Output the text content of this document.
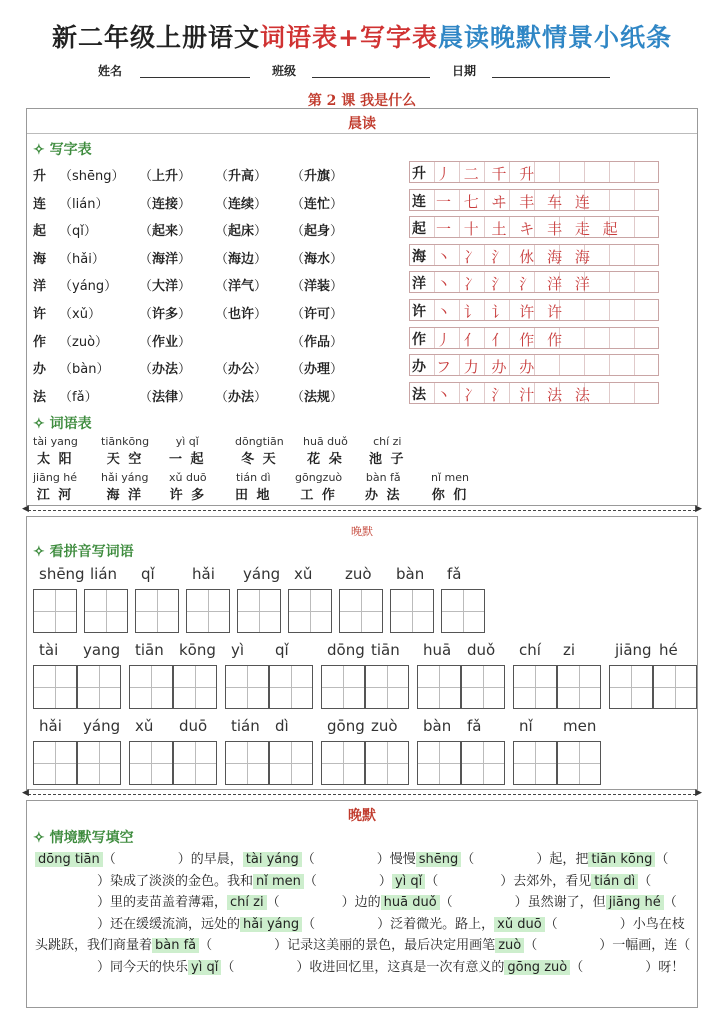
新二年级上册语文词语表+写字表晨读晚默情景小纸条
姓名	班级	日期
第 2 课 我是什么
晨读
✧ 写字表
升 （shēng） （上升） （升高） （升旗）	升 丿 二 千 升
连 （lián） （连接） （连续） （连忙）	连 一 七 ヰ 丰 车 连
起 （qǐ）	（起来） （起床） （起身）	起 一 十 土 キ 丰 走 起
海 （hǎi）	（海洋） （海边） （海水）	海 丶 冫 氵 㲻 海 海
洋 （yáng） （大洋） （洋气） （洋装）	洋 丶 冫 氵 氵 洋 洋
许 （xǔ）	（许多） （也许） （许可）	许 丶 讠 讠 许 许
作 （zuò） （作业）	（作品）	作 丿 亻 亻 作 作
办 （bàn） （办法） （办公） （办理）	办 フ 力 办 办
法 （fǎ）	（法律） （办法） （法规）	法 丶 冫 氵 汁 法 法
✧ 词语表
tài yang
太 阳
tiānkōng
天 空
yì qǐ
一 起
dōngtiān
冬 天
huā duǒ
花 朵
chí zi
池 子
jiāng hé
江 河
hǎi yáng
海 洋
xǔ duō
许 多
tián dì
田 地
gōngzuò
工 作
bàn fǎ
办 法
nǐ men
你 们
◀	▶
晚默
✧ 看拼音写词语
shēng lián qǐ hǎi yáng xǔ zuò bàn fǎ
tài yang tiān kōng yì qǐ	dōng tiān huā duǒ chí zi	jiāng hé
hǎi yáng xǔ duō tián dì	gōng zuò bàn fǎ	nǐ men
◀	▶
晚默
✧ 情境默写填空
dōng tiān （	）的早晨， tài yáng （	）慢慢 shēng （	）起，把 tiān kōng （）染成了淡淡的金色。我和 nǐ men （	） yì qǐ （	）去郊外，看见 tián dì （）里的麦苗盖着薄霜， chí zi （	）边的 huā duǒ （	）虽然谢了，但 jiāng hé （）还在缓缓流淌，远处的 hǎi yáng （	）泛着微光。路上， xǔ duō （	）小鸟在枝头跳跃，我们商量着 bàn fǎ （	）记录这美丽的景色，最后决定用画笔 zuò （	）一幅画，连（）同今天的快乐 yì qǐ （	）收进回忆里，这真是一次有意义的 gōng zuò （	）呀！
